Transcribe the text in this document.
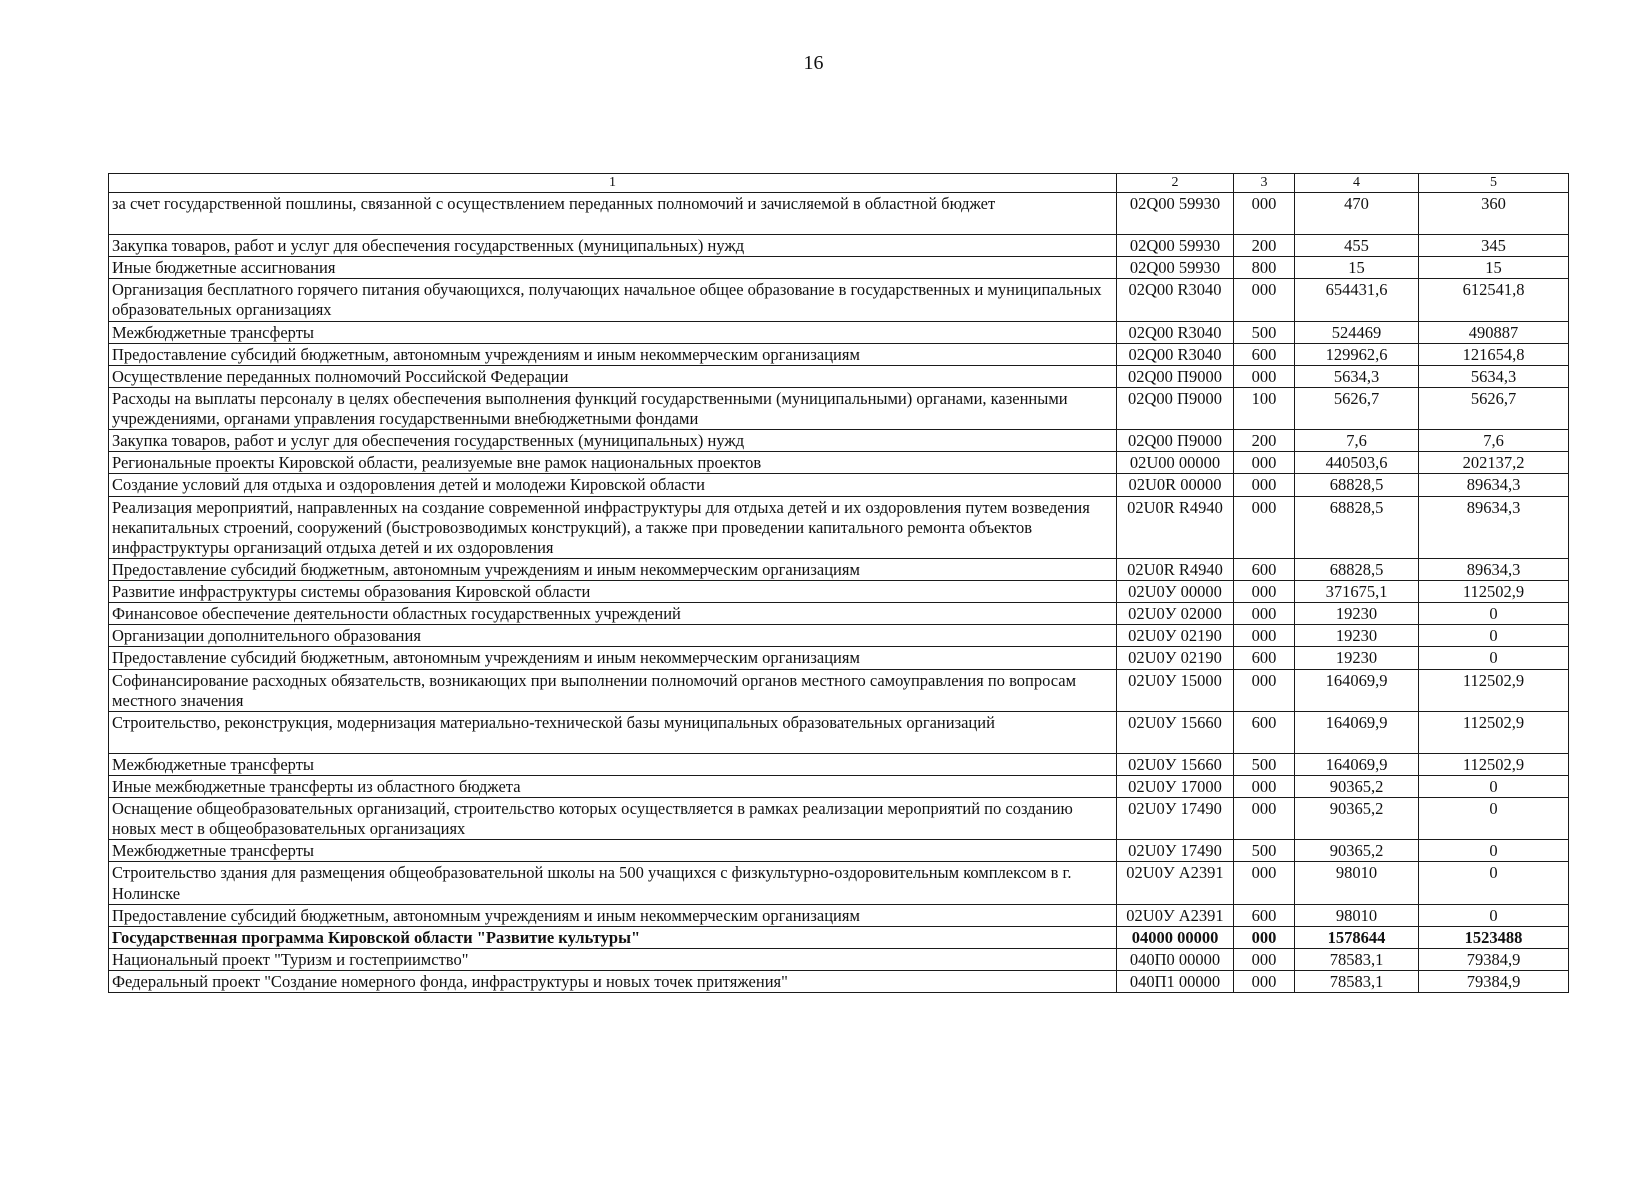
16
1	2	3	4	5
за счет государственной пошлины, связанной с осуществлением переданных полномочий и зачисляемой в областной бюджет	02Q00 59930	000	470	360
Закупка товаров, работ и услуг для обеспечения государственных (муниципальных) нужд	02Q00 59930	200	455	345
Иные бюджетные ассигнования	02Q00 59930	800	15	15
Организация бесплатного горячего питания обучающихся, получающих начальное общее образование в государственных и муниципальных образовательных организациях	02Q00 R3040	000	654431,6	612541,8
Межбюджетные трансферты	02Q00 R3040	500	524469	490887
Предоставление субсидий бюджетным, автономным учреждениям и иным некоммерческим организациям	02Q00 R3040	600	129962,6	121654,8
Осуществление переданных полномочий Российской Федерации	02Q00 П9000	000	5634,3	5634,3
Расходы на выплаты персоналу в целях обеспечения выполнения функций государственными (муниципальными) органами, казенными учреждениями, органами управления государственными внебюджетными фондами	02Q00 П9000	100	5626,7	5626,7
Закупка товаров, работ и услуг для обеспечения государственных (муниципальных) нужд	02Q00 П9000	200	7,6	7,6
Региональные проекты Кировской области, реализуемые вне рамок национальных проектов	02U00 00000	000	440503,6	202137,2
Создание условий для отдыха и оздоровления детей и молодежи Кировской области	02U0R 00000	000	68828,5	89634,3
Реализация мероприятий, направленных на создание современной инфраструктуры для отдыха детей и их оздоровления путем возведения некапитальных строений, сооружений (быстровозводимых конструкций), а также при проведении капитального ремонта объектов инфраструктуры организаций отдыха детей и их оздоровления	02U0R R4940	000	68828,5	89634,3
Предоставление субсидий бюджетным, автономным учреждениям и иным некоммерческим организациям	02U0R R4940	600	68828,5	89634,3
Развитие инфраструктуры системы образования Кировской области	02U0У 00000	000	371675,1	112502,9
Финансовое обеспечение деятельности областных государственных учреждений	02U0У 02000	000	19230	0
Организации дополнительного образования	02U0У 02190	000	19230	0
Предоставление субсидий бюджетным, автономным учреждениям и иным некоммерческим организациям	02U0У 02190	600	19230	0
Софинансирование расходных обязательств, возникающих при выполнении полномочий органов местного самоуправления по вопросам местного значения	02U0У 15000	000	164069,9	112502,9
Строительство, реконструкция, модернизация материально-технической базы муниципальных образовательных организаций	02U0У 15660	600	164069,9	112502,9
Межбюджетные трансферты	02U0У 15660	500	164069,9	112502,9
Иные межбюджетные трансферты из областного бюджета	02U0У 17000	000	90365,2	0
Оснащение общеобразовательных организаций, строительство которых осуществляется в рамках реализации мероприятий по созданию новых мест в общеобразовательных организациях	02U0У 17490	000	90365,2	0
Межбюджетные трансферты	02U0У 17490	500	90365,2	0
Строительство здания для размещения общеобразовательной школы на 500 учащихся с физкультурно-оздоровительным комплексом в г. Нолинске	02U0У А2391	000	98010	0
Предоставление субсидий бюджетным, автономным учреждениям и иным некоммерческим организациям	02U0У А2391	600	98010	0
Государственная программа Кировской области "Развитие культуры"	04000 00000	000	1578644	1523488
Национальный проект "Туризм и гостеприимство"	040П0 00000	000	78583,1	79384,9
Федеральный проект "Создание номерного фонда, инфраструктуры и новых точек притяжения"	040П1 00000	000	78583,1	79384,9
